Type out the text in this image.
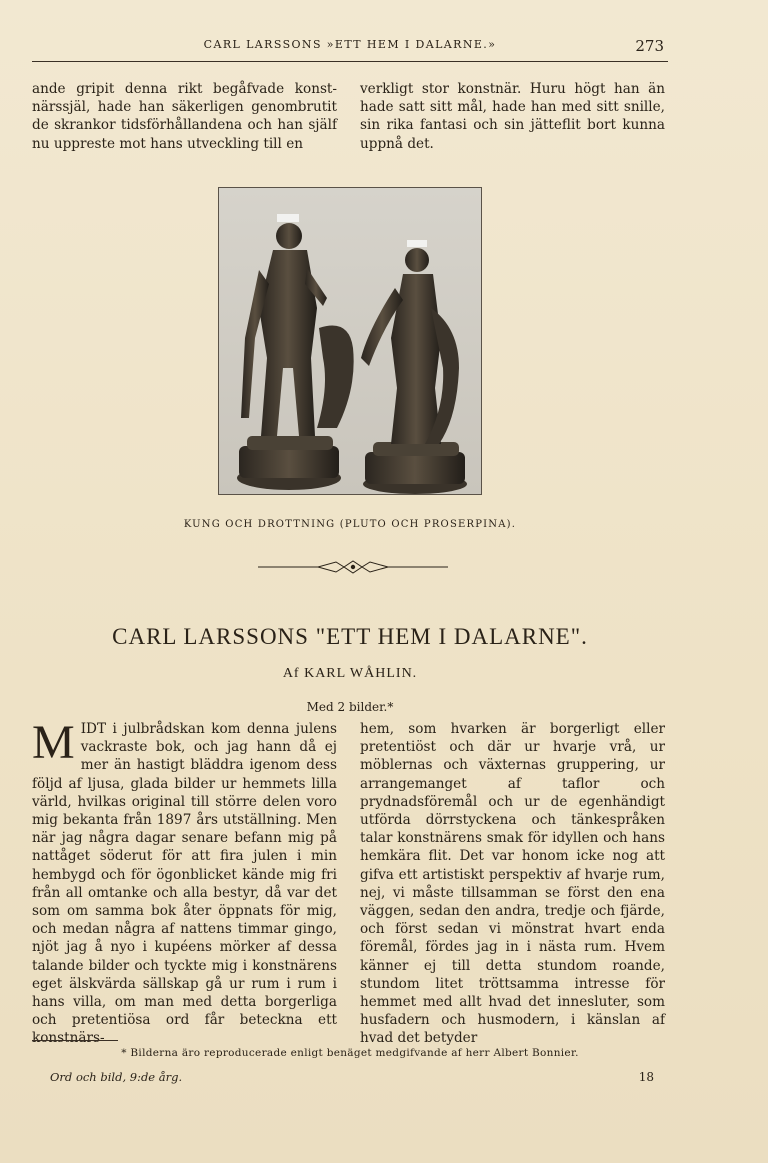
CARL LARSSONS »ETT HEM I DALARNE.»	273
ande gripit denna rikt begåfvade konst-närssjäl, hade han säkerligen genombrutit de skrankor tidsförhållandena och han själf nu uppreste mot hans utveckling till en
verkligt stor konstnär. Huru högt han än hade satt sitt mål, hade han med sitt snille, sin rika fantasi och sin jätteflit bort kunna uppnå det.
KUNG OCH DROTTNING (PLUTO OCH PROSERPINA).
CARL LARSSONS "ETT HEM I DALARNE".
Af KARL WÅHLIN.
Med 2 bilder.*
MIDT i julbrådskan kom denna julens vackraste bok, och jag hann då ej mer än hastigt bläddra igenom dess följd af ljusa, glada bilder ur hemmets lilla värld, hvilkas original till större delen voro mig bekanta från 1897 års utställning. Men när jag några dagar senare befann mig på nattåget söderut för att fira julen i min hembygd och för ögonblicket kände mig fri från all omtanke och alla bestyr, då var det som om samma bok åter öppnats för mig, och medan några af nattens timmar gingo, njöt jag å nyo i kupéens mörker af dessa talande bilder och tyckte mig i konstnärens eget älskvärda sällskap gå ur rum i rum i hans villa, om man med detta borgerliga och pretentiösa ord får beteckna ett konstnärs-
hem, som hvarken är borgerligt eller pretentiöst och där ur hvarje vrå, ur möblernas och växternas gruppering, ur arrangemanget af taflor och prydnadsföremål och ur de egenhändigt utförda dörrstyckena och tänkespråken talar konstnärens smak för idyllen och hans hemkära flit. Det var honom icke nog att gifva ett artistiskt perspektiv af hvarje rum, nej, vi måste tillsamman se först den ena väggen, sedan den andra, tredje och fjärde, och först sedan vi mönstrat hvart enda föremål, fördes jag in i nästa rum. Hvem känner ej till detta stundom roande, stundom litet tröttsamma intresse för hemmet med allt hvad det innesluter, som husfadern och husmodern, i känslan af hvad det betyder
* Bilderna äro reproducerade enligt benäget medgifvande af herr Albert Bonnier.
Ord och bild, 9:de årg.	18
